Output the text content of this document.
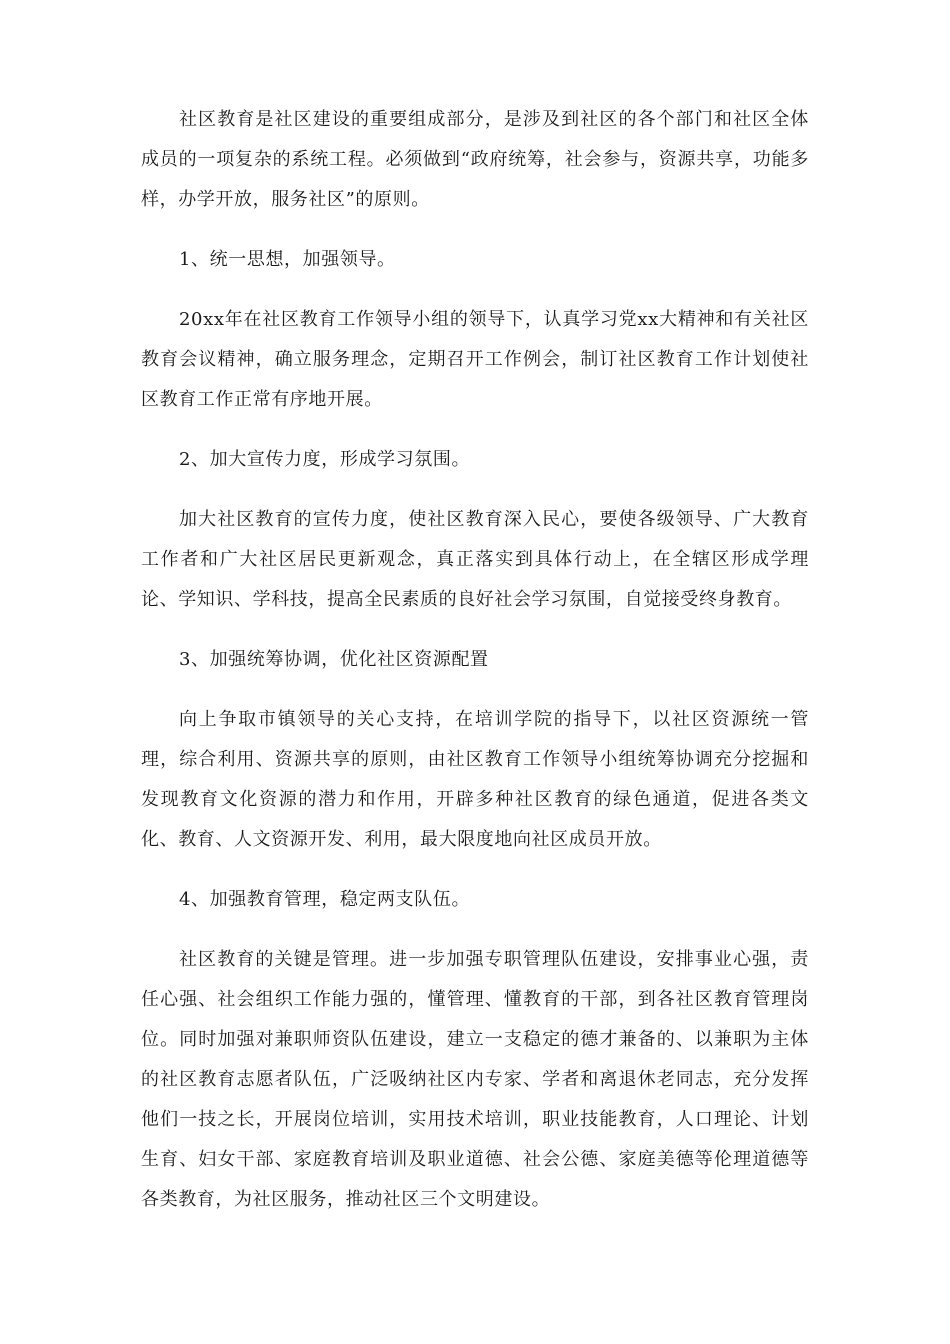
社区教育是社区建设的重要组成部分，是涉及到社区的各个部门和社区全体成员的一项复杂的系统工程。必须做到“政府统筹，社会参与，资源共享，功能多样，办学开放，服务社区”的原则。

1、统一思想，加强领导。

20xx年在社区教育工作领导小组的领导下，认真学习党xx大精神和有关社区教育会议精神，确立服务理念，定期召开工作例会，制订社区教育工作计划使社区教育工作正常有序地开展。

2、加大宣传力度，形成学习氛围。

加大社区教育的宣传力度，使社区教育深入民心，要使各级领导、广大教育工作者和广大社区居民更新观念，真正落实到具体行动上，在全辖区形成学理论、学知识、学科技，提高全民素质的良好社会学习氛围，自觉接受终身教育。

3、加强统筹协调，优化社区资源配置

向上争取市镇领导的关心支持，在培训学院的指导下，以社区资源统一管理，综合利用、资源共享的原则，由社区教育工作领导小组统筹协调充分挖掘和发现教育文化资源的潜力和作用，开辟多种社区教育的绿色通道，促进各类文化、教育、人文资源开发、利用，最大限度地向社区成员开放。

4、加强教育管理，稳定两支队伍。

社区教育的关键是管理。进一步加强专职管理队伍建设，安排事业心强，责任心强、社会组织工作能力强的，懂管理、懂教育的干部，到各社区教育管理岗位。同时加强对兼职师资队伍建设，建立一支稳定的德才兼备的、以兼职为主体的社区教育志愿者队伍，广泛吸纳社区内专家、学者和离退休老同志，充分发挥他们一技之长，开展岗位培训，实用技术培训，职业技能教育，人口理论、计划生育、妇女干部、家庭教育培训及职业道德、社会公德、家庭美德等伦理道德等各类教育，为社区服务，推动社区三个文明建设。
